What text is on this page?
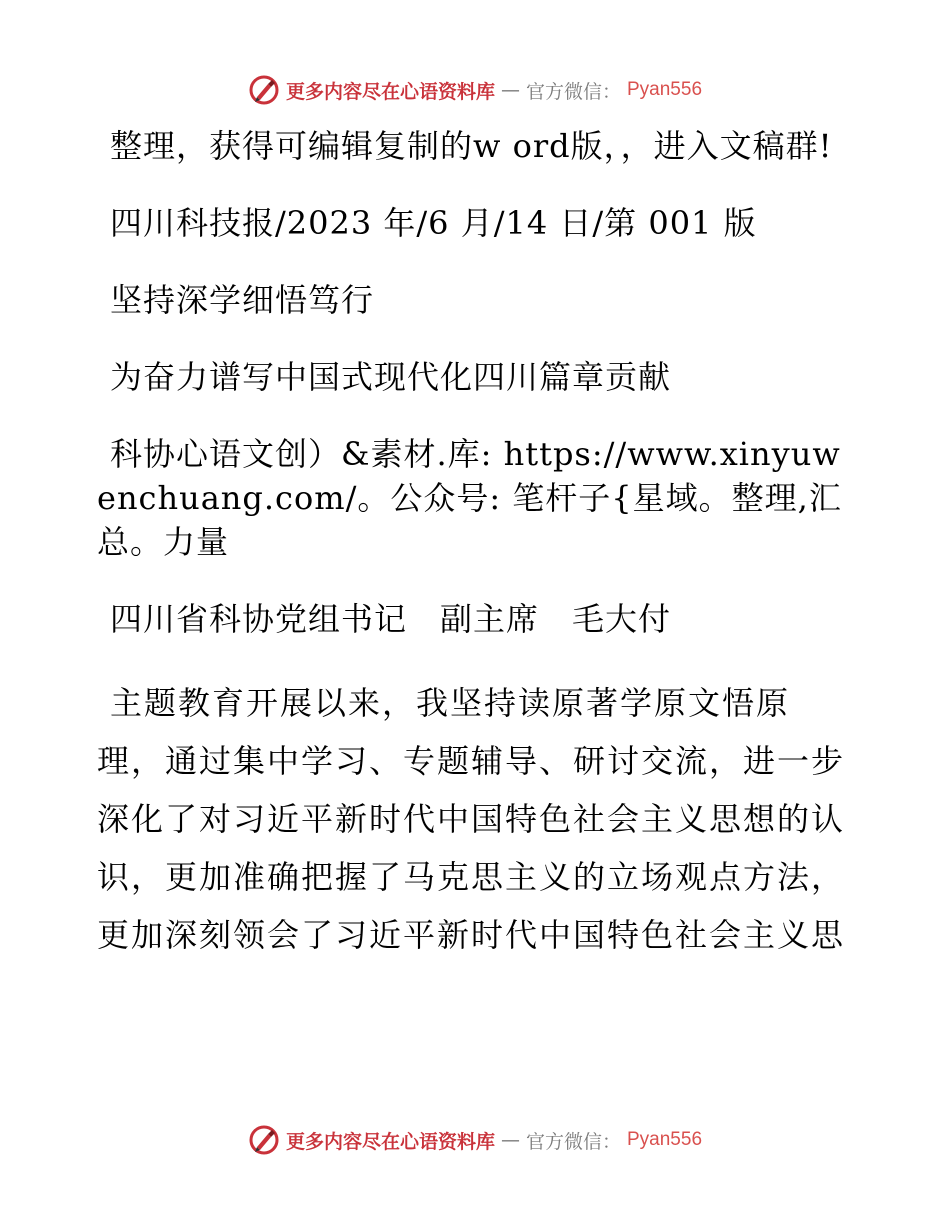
更多内容尽在心语资料库 — 官方微信： Pyan556

整理，获得可编辑复制的w ord版，，进入文稿群!

四川科技报/2023 年/6 月/14 日/第 001 版

坚持深学细悟笃行

为奋力谱写中国式现代化四川篇章贡献

科协心语文创）&素材.库: https://www.xinyuwenchuang.com/。公众号: 笔杆子{星域。整理,汇总。力量

四川省科协党组书记　副主席　毛大付

主题教育开展以来，我坚持读原著学原文悟原理，通过集中学习、专题辅导、研讨交流，进一步深化了对习近平新时代中国特色社会主义思想的认识，更加准确把握了马克思主义的立场观点方法，更加深刻领会了习近平新时代中国特色社会主义思

更多内容尽在心语资料库 — 官方微信： Pyan556
